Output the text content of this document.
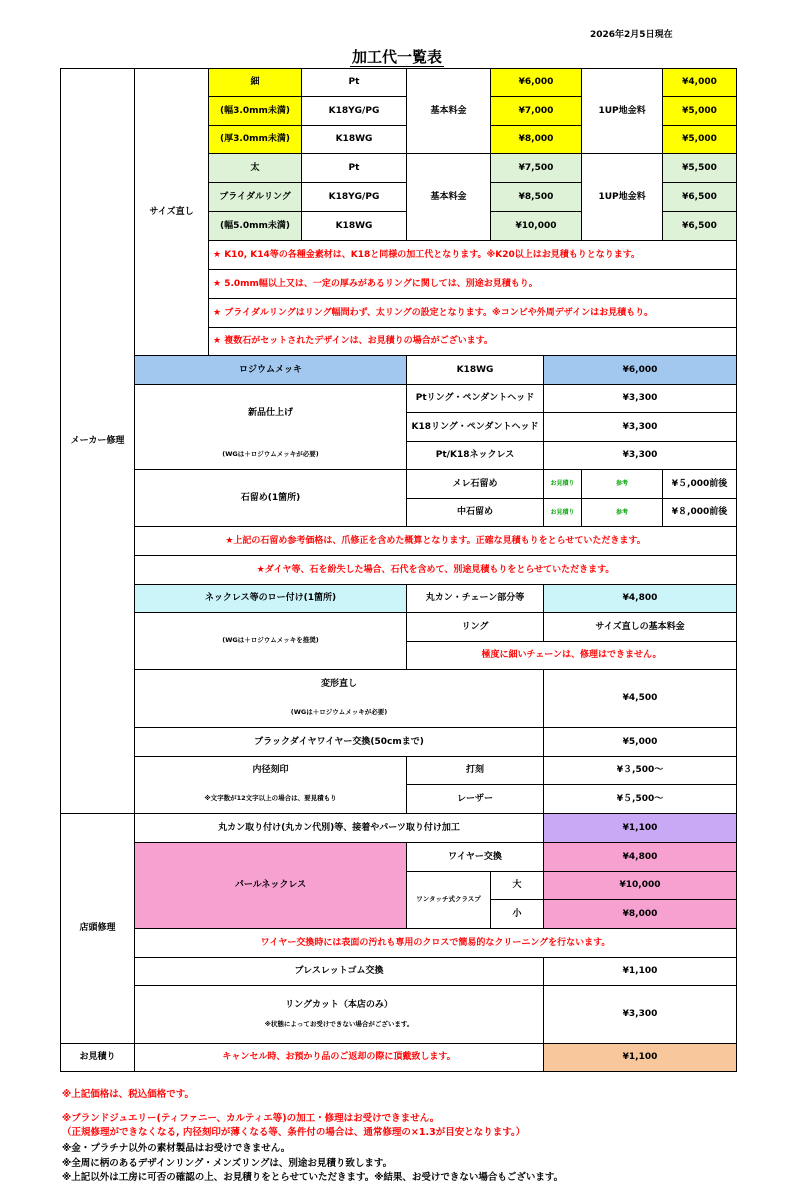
2026年2月5日現在
加工代一覧表
メーカー修理	サイズ直し	細	Pt	基本料金	¥6,000		1UP地金料	¥4,000
		(幅3.0mm未満)	K18YG/PG		¥7,000			¥5,000
		(厚3.0mm未満)	K18WG		¥8,000			¥5,000
		太	Pt	基本料金	¥7,500		1UP地金料	¥5,500
		ブライダルリング	K18YG/PG		¥8,500			¥6,500
		(幅5.0mm未満)	K18WG		¥10,000			¥6,500
		★ K10, K14等の各種金素材は、K18と同様の加工代となります。※K20以上はお見積もりとなります。						
		★ 5.0mm幅以上又は、一定の厚みがあるリングに関しては、別途お見積もり。						
		★ ブライダルリングはリング幅問わず、太リングの設定となります。※コンビや外周デザインはお見積もり。						
		★ 複数石がセットされたデザインは、お見積りの場合がございます。						
	ロジウムメッキ			K18WG		¥6,000		
	新品仕上げ			Ptリング・ペンダントヘッド		¥3,300		
				K18リング・ペンダントヘッド		¥3,300		
	(WGは＋ロジウムメッキが必要)			Pt/K18ネックレス		¥3,300		
	石留め(1箇所)			メレ石留め		お見積り	参考	¥５,000前後
				中石留め		お見積り	参考	¥８,000前後
	★上記の石留め参考価格は、爪修正を含めた概算となります。正確な見積もりをとらせていただきます。							
	★ダイヤ等、石を紛失した場合、石代を含めて、別途見積もりをとらせていただきます。							
	ネックレス等のロー付け(1箇所)			丸カン・チェーン部分等		¥4,800		
	(WGは＋ロジウムメッキを推奨)			リング		サイズ直しの基本料金		
				極度に細いチェーンは、修理はできません。				
	変形直し					¥4,500		
	(WGは＋ロジウムメッキが必要)							
	ブラックダイヤワイヤー交換(50cmまで)					¥5,000		
	内径刻印			打刻		¥３,500～		
	※文字数が12文字以上の場合は、要見積もり			レーザー		¥５,500～		
店頭修理	丸カン取り付け(丸カン代別)等、接着やパーツ取り付け加工					¥1,100		
	パールネックレス			ワイヤー交換		¥4,800		
				ワンタッチ式クラスプ	大	¥10,000		
					小	¥8,000		
	ワイヤー交換時には表面の汚れも専用のクロスで簡易的なクリーニングを行ないます。							
	ブレスレットゴム交換					¥1,100		

	リングカット（本店のみ）
※状態によってお受けできない場合がございます。					¥3,300		
お見積り	キャンセル時、お預かり品のご返却の際に頂戴致します。					¥1,100		
※上記価格は、税込価格です。
※ブランドジュエリー(ティファニー、カルティエ等)の加工・修理はお受けできません。
（正規修理ができなくなる, 内径刻印が薄くなる等、条件付の場合は、通常修理の×1.3が目安となります。）
※金・プラチナ以外の素材製品はお受けできません。
※全周に柄のあるデザインリング・メンズリングは、別途お見積り致します。
※上記以外は工房に可否の確認の上、お見積りをとらせていただきます。※結果、お受けできない場合もございます。
